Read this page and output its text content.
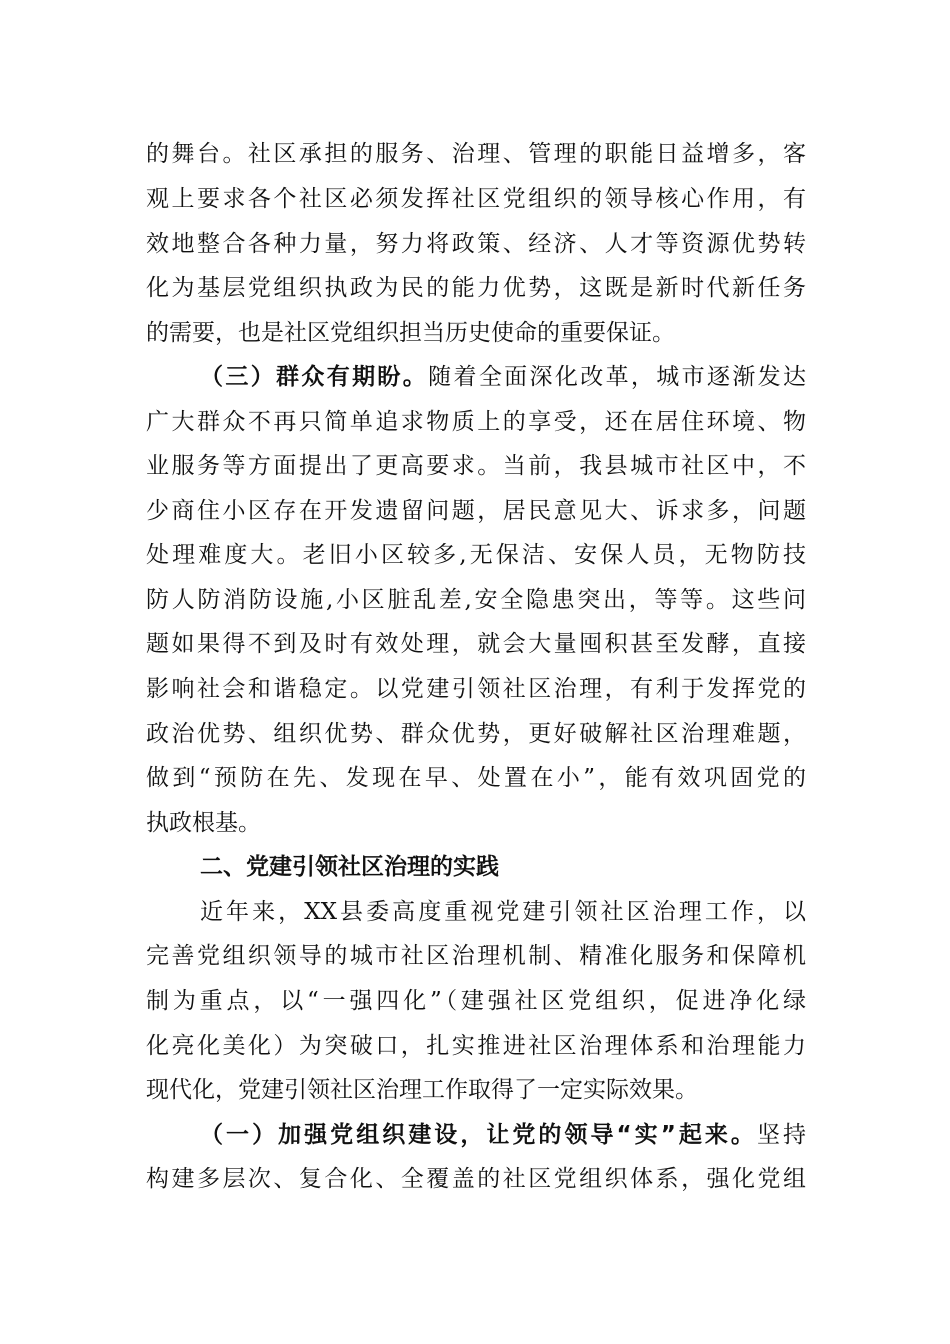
的舞台。社区承担的服务、治理、管理的职能日益增多，客
观上要求各个社区必须发挥社区党组织的领导核心作用，有
效地整合各种力量，努力将政策、经济、人才等资源优势转
化为基层党组织执政为民的能力优势，这既是新时代新任务
的需要，也是社区党组织担当历史使命的重要保证。
（三）群众有期盼。随着全面深化改革，城市逐渐发达
广大群众不再只简单追求物质上的享受，还在居住环境、物
业服务等方面提出了更高要求。当前，我县城市社区中，不
少商住小区存在开发遗留问题，居民意见大、诉求多，问题
处理难度大。老旧小区较多,无保洁、安保人员，无物防技
防人防消防设施,小区脏乱差,安全隐患突出，等等。这些问
题如果得不到及时有效处理，就会大量囤积甚至发酵，直接
影响社会和谐稳定。以党建引领社区治理，有利于发挥党的
政治优势、组织优势、群众优势，更好破解社区治理难题，
做到“预防在先、发现在早、处置在小”，能有效巩固党的
执政根基。
二、党建引领社区治理的实践
近年来，XX县委高度重视党建引领社区治理工作，以
完善党组织领导的城市社区治理机制、精准化服务和保障机
制为重点，以“一强四化”（建强社区党组织，促进净化绿
化亮化美化）为突破口，扎实推进社区治理体系和治理能力
现代化，党建引领社区治理工作取得了一定实际效果。
（一）加强党组织建设，让党的领导“实”起来。坚持
构建多层次、复合化、全覆盖的社区党组织体系，强化党组
